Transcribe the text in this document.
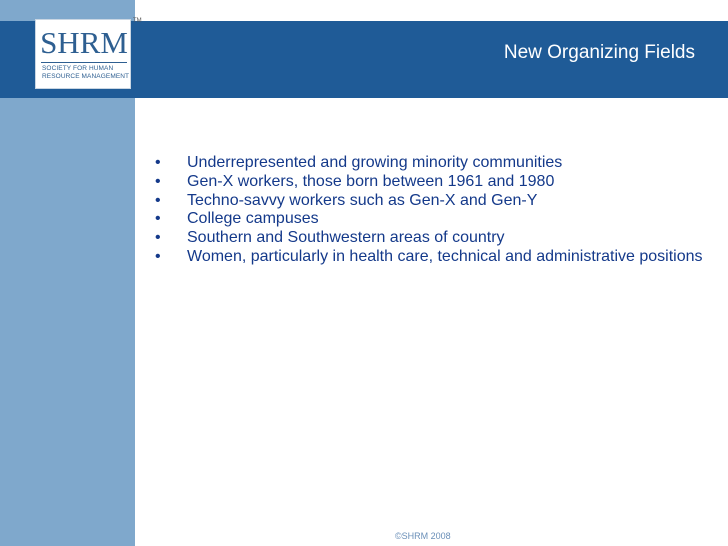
SHRM
SOCIETY FOR HUMAN RESOURCE MANAGEMENT
TM
New Organizing Fields
•	Underrepresented and growing minority communities
•	Gen-X workers, those born between 1961 and 1980
•	Techno-savvy workers such as Gen-X and Gen-Y
•	College campuses
•	Southern and Southwestern areas of country
•	Women, particularly in health care, technical and administrative positions
©SHRM 2008
